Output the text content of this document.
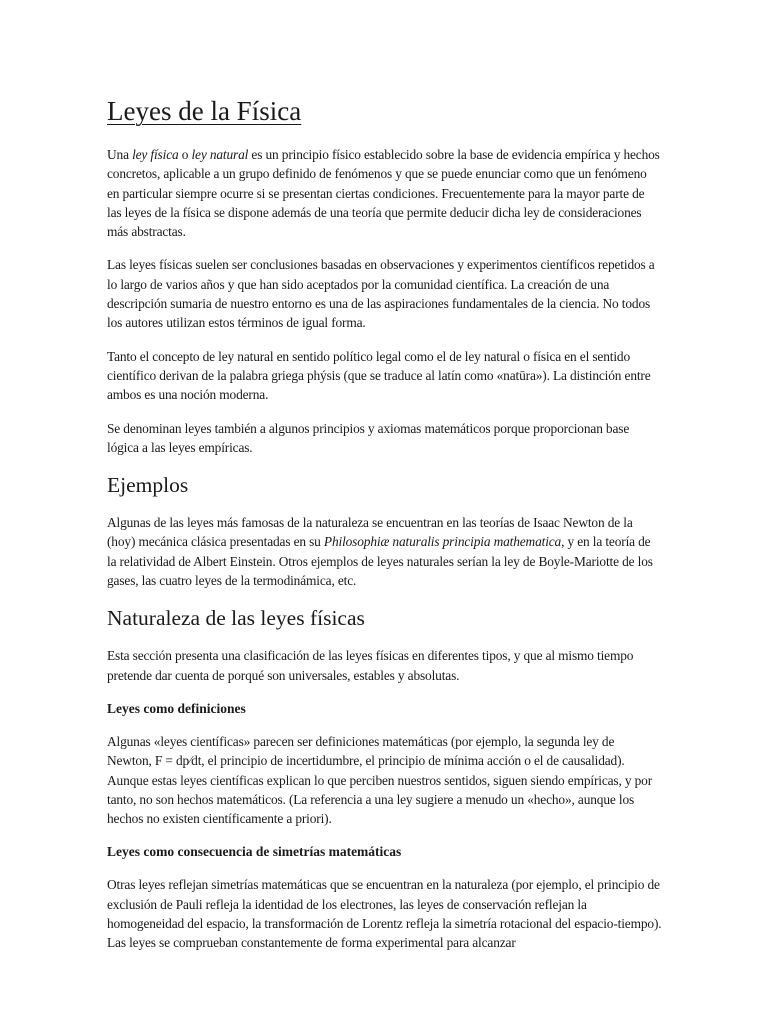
Leyes de la Física

Una ley física o ley natural es un principio físico establecido sobre la base de evidencia empírica y hechos concretos, aplicable a un grupo definido de fenómenos y que se puede enunciar como que un fenómeno en particular siempre ocurre si se presentan ciertas condiciones. Frecuentemente para la mayor parte de las leyes de la física se dispone además de una teoría que permite deducir dicha ley de consideraciones más abstractas.

Las leyes físicas suelen ser conclusiones basadas en observaciones y experimentos científicos repetidos a lo largo de varios años y que han sido aceptados por la comunidad científica. La creación de una descripción sumaria de nuestro entorno es una de las aspiraciones fundamentales de la ciencia. No todos los autores utilizan estos términos de igual forma.

Tanto el concepto de ley natural en sentido político legal como el de ley natural o física en el sentido científico derivan de la palabra griega phýsis (que se traduce al latín como «natūra»). La distinción entre ambos es una noción moderna.

Se denominan leyes también a algunos principios y axiomas matemáticos porque proporcionan base lógica a las leyes empíricas.

Ejemplos

Algunas de las leyes más famosas de la naturaleza se encuentran en las teorías de Isaac Newton de la (hoy) mecánica clásica presentadas en su Philosophiæ naturalis principia mathematica, y en la teoría de la relatividad de Albert Einstein. Otros ejemplos de leyes naturales serían la ley de Boyle-Mariotte de los gases, las cuatro leyes de la termodinámica, etc.

Naturaleza de las leyes físicas

Esta sección presenta una clasificación de las leyes físicas en diferentes tipos, y que al mismo tiempo pretende dar cuenta de porqué son universales, estables y absolutas.

Leyes como definiciones

Algunas «leyes científicas» parecen ser definiciones matemáticas (por ejemplo, la segunda ley de Newton, F = dp⁄dt, el principio de incertidumbre, el principio de mínima acción o el de causalidad). Aunque estas leyes científicas explican lo que perciben nuestros sentidos, siguen siendo empíricas, y por tanto, no son hechos matemáticos. (La referencia a una ley sugiere a menudo un «hecho», aunque los hechos no existen científicamente a priori).

Leyes como consecuencia de simetrías matemáticas

Otras leyes reflejan simetrías matemáticas que se encuentran en la naturaleza (por ejemplo, el principio de exclusión de Pauli refleja la identidad de los electrones, las leyes de conservación reflejan la homogeneidad del espacio, la transformación de Lorentz refleja la simetría rotacional del espacio-tiempo). Las leyes se comprueban constantemente de forma experimental para alcanzar
